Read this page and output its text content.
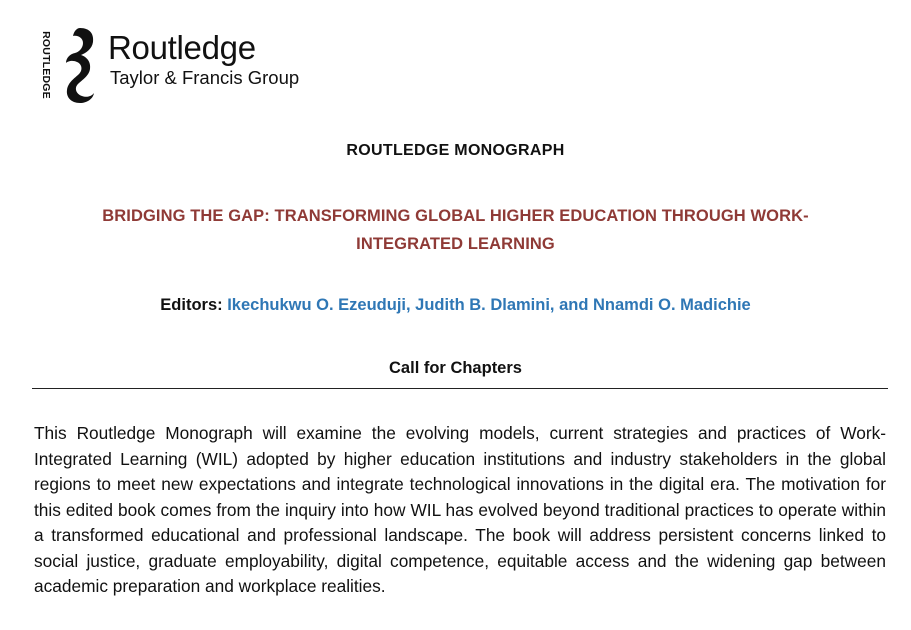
ROUTLEDGE Routledge
Taylor & Francis Group
ROUTLEDGE MONOGRAPH
BRIDGING THE GAP: TRANSFORMING GLOBAL HIGHER EDUCATION THROUGH WORK-
INTEGRATED LEARNING
Editors: Ikechukwu O. Ezeuduji, Judith B. Dlamini, and Nnamdi O. Madichie
Call for Chapters

This Routledge Monograph will examine the evolving models, current strategies and practices of Work-Integrated Learning (WIL) adopted by higher education institutions and industry stakeholders in the global regions to meet new expectations and integrate technological innovations in the digital era. The motivation for this edited book comes from the inquiry into how WIL has evolved beyond traditional practices to operate within a transformed educational and professional landscape. The book will address persistent concerns linked to social justice, graduate employability, digital competence, equitable access and the widening gap between academic preparation and workplace realities.
